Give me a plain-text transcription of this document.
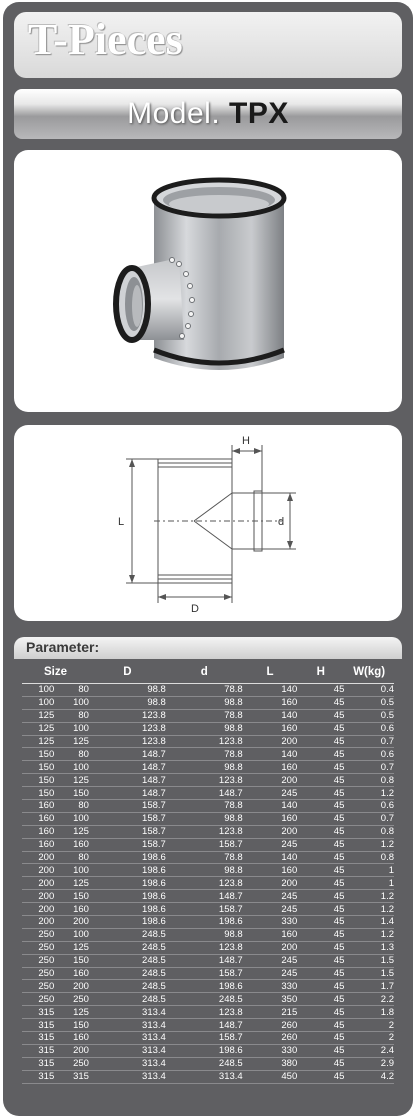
T-Pieces
Model. TPX
H
L	d
D
Parameter:
Size		D	d	L	H	W(kg)
100	80	98.8	78.8	140	45	0.4
100	100	98.8	98.8	160	45	0.5
125	80	123.8	78.8	140	45	0.5
125	100	123.8	98.8	160	45	0.6
125	125	123.8	123.8	200	45	0.7
150	80	148.7	78.8	140	45	0.6
150	100	148.7	98.8	160	45	0.7
150	125	148.7	123.8	200	45	0.8
150	150	148.7	148.7	245	45	1.2
160	80	158.7	78.8	140	45	0.6
160	100	158.7	98.8	160	45	0.7
160	125	158.7	123.8	200	45	0.8
160	160	158.7	158.7	245	45	1.2
200	80	198.6	78.8	140	45	0.8
200	100	198.6	98.8	160	45	1
200	125	198.6	123.8	200	45	1
200	150	198.6	148.7	245	45	1.2
200	160	198.6	158.7	245	45	1.2
200	200	198.6	198.6	330	45	1.4
250	100	248.5	98.8	160	45	1.2
250	125	248.5	123.8	200	45	1.3
250	150	248.5	148.7	245	45	1.5
250	160	248.5	158.7	245	45	1.5
250	200	248.5	198.6	330	45	1.7
250	250	248.5	248.5	350	45	2.2
315	125	313.4	123.8	215	45	1.8
315	150	313.4	148.7	260	45	2
315	160	313.4	158.7	260	45	2
315	200	313.4	198.6	330	45	2.4
315	250	313.4	248.5	380	45	2.9
315	315	313.4	313.4	450	45	4.2
